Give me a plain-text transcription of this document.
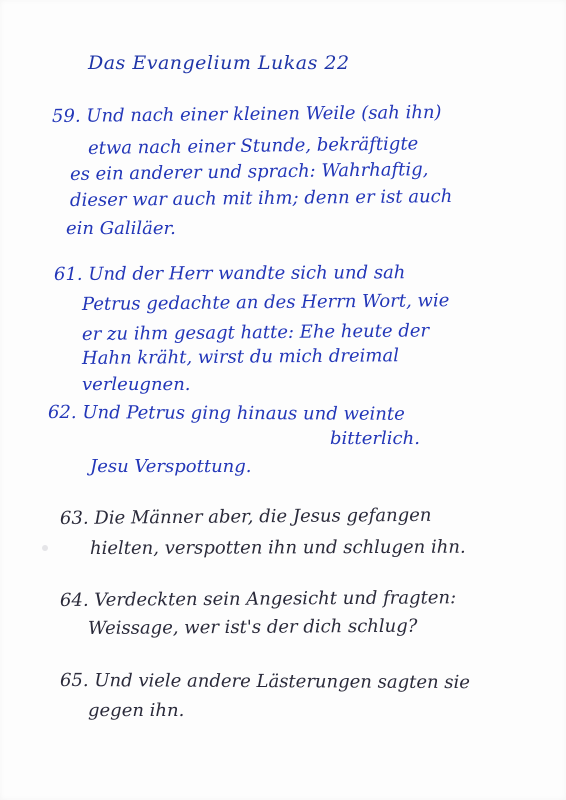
Das Evangelium Lukas 22
59. Und nach einer kleinen Weile (sah ihn)
etwa nach einer Stunde, bekräftigte
es ein anderer und sprach: Wahrhaftig,
dieser war auch mit ihm; denn er ist auch
ein Galiläer.
61. Und der Herr wandte sich und sah
Petrus gedachte an des Herrn Wort, wie
er zu ihm gesagt hatte: Ehe heute der
Hahn kräht, wirst du mich dreimal
verleugnen.
62. Und Petrus ging hinaus und weinte
bitterlich.
Jesu Verspottung.
63. Die Männer aber, die Jesus gefangen
hielten, verspotten ihn und schlugen ihn.
64. Verdeckten sein Angesicht und fragten:
Weissage, wer ist's der dich schlug?
65. Und viele andere Lästerungen sagten sie
gegen ihn.
